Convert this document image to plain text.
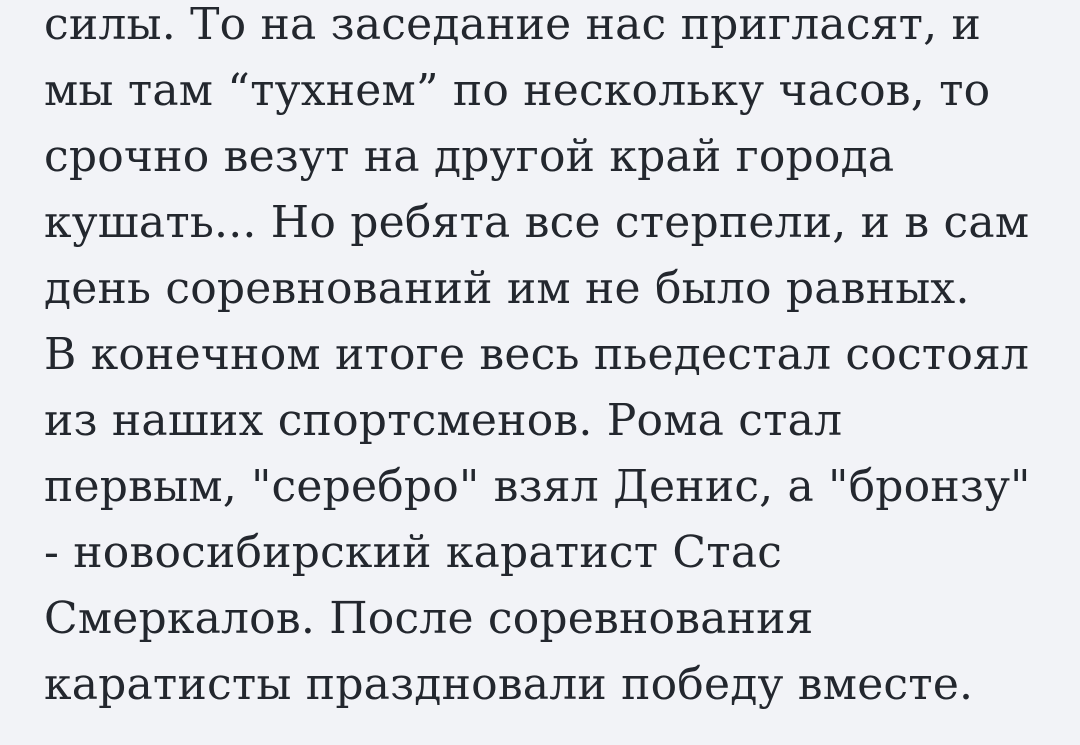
силы. То на заседание нас пригласят, и
мы там “тухнем” по нескольку часов, то
срочно везут на другой край города
кушать... Но ребята все стерпели, и в сам
день соревнований им не было равных.
В конечном итоге весь пьедестал состоял
из наших спортсменов. Рома стал
первым, "серебро" взял Денис, а "бронзу"
- новосибирский каратист Стас
Смеркалов. После соревнования
каратисты праздновали победу вместе.
